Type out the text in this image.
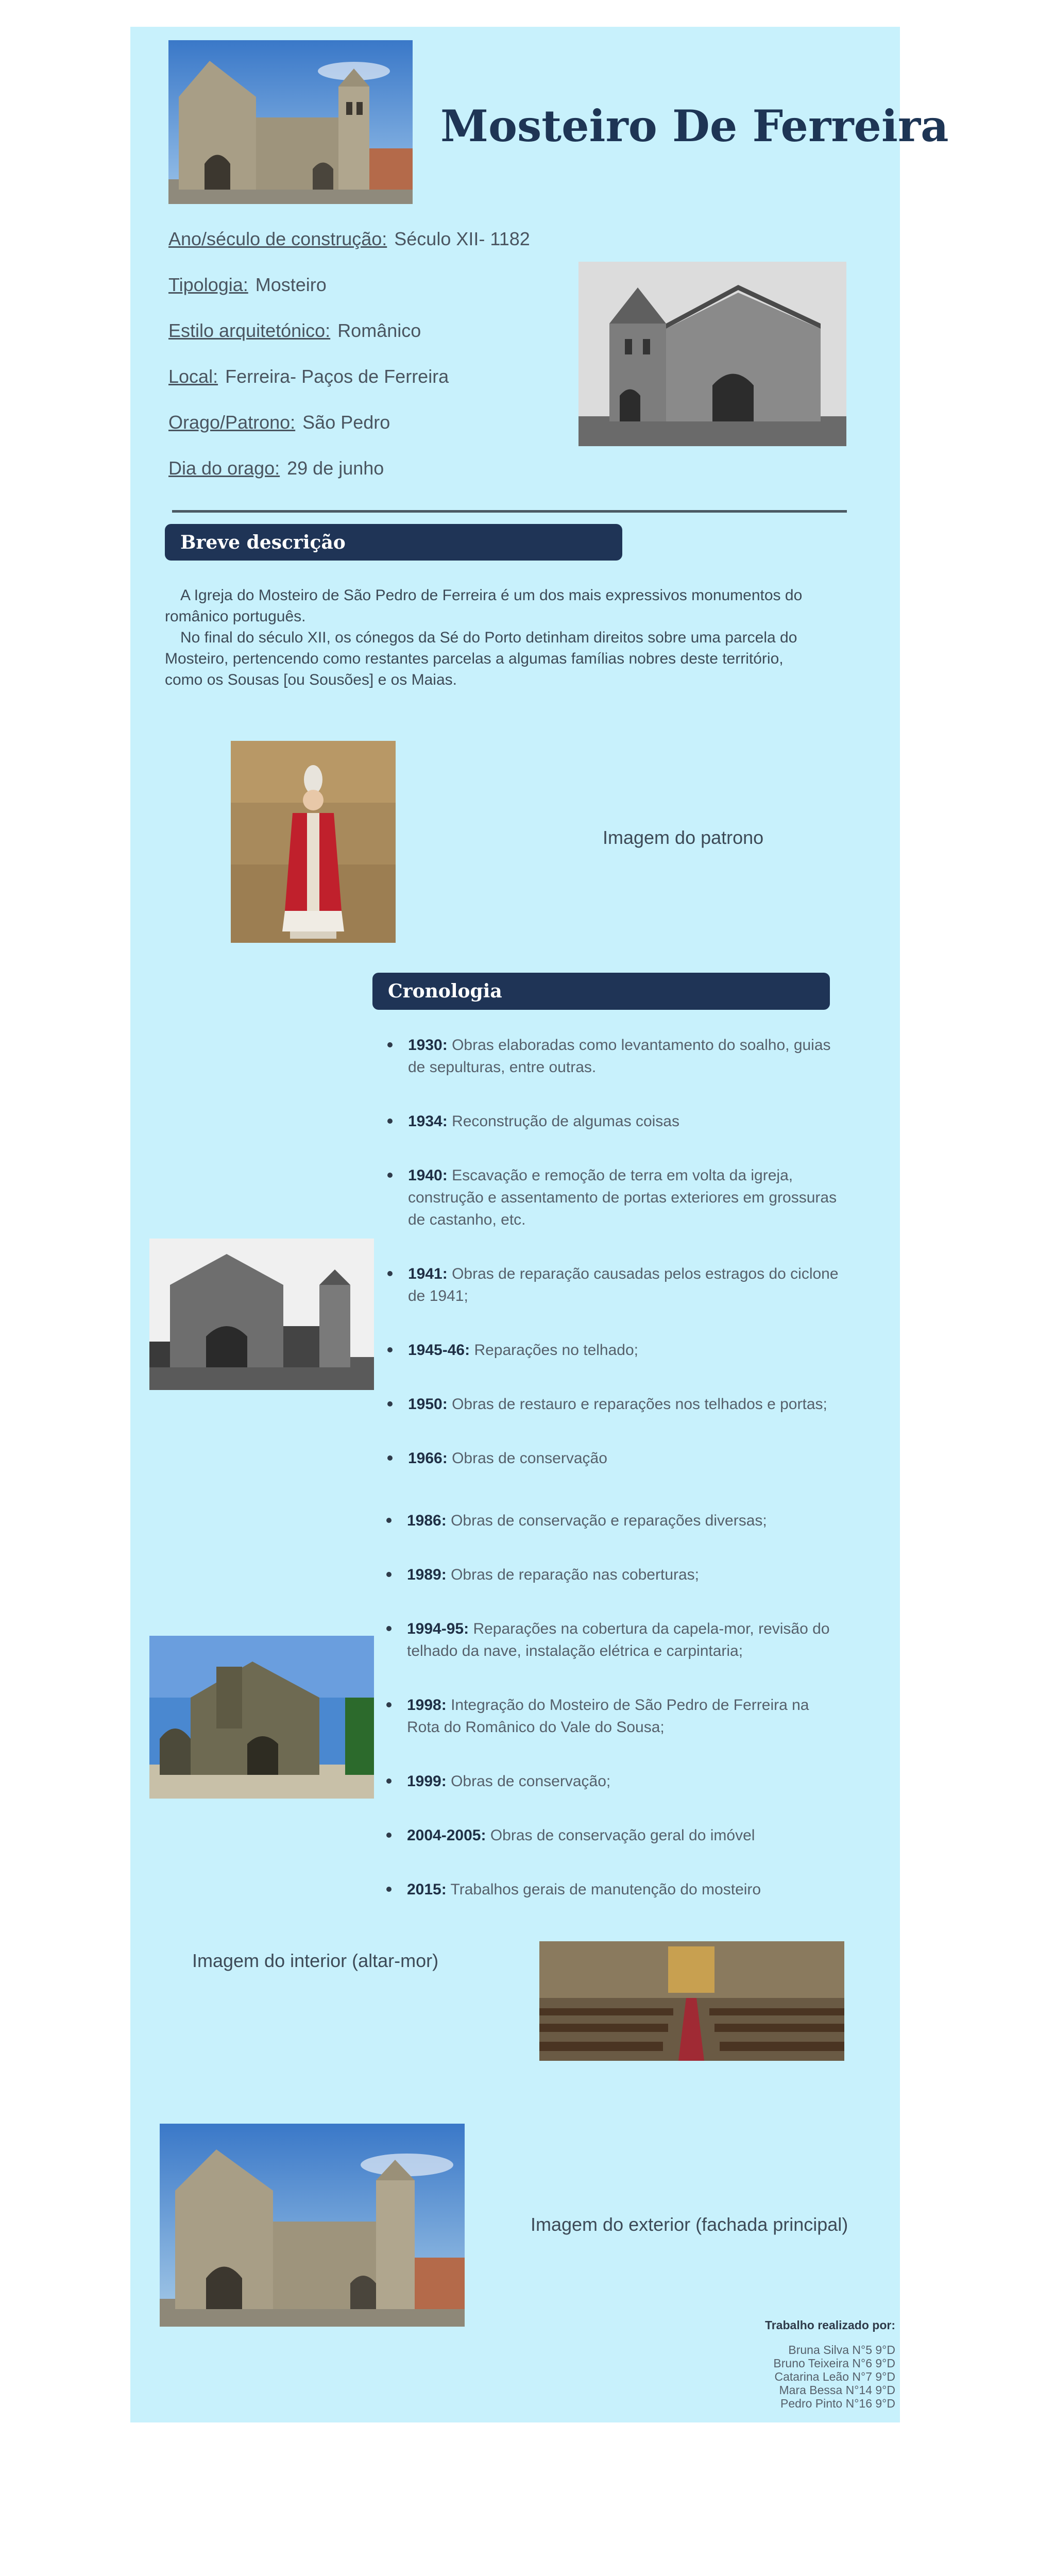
Mosteiro De Ferreira
Ano/século de construção: Século XII- 1182
Tipologia: Mosteiro
Estilo arquitetónico: Românico
Local: Ferreira- Paços de Ferreira
Orago/Patrono: São Pedro
Dia do orago: 29 de junho
Breve descrição

A Igreja do Mosteiro de São Pedro de Ferreira é um dos mais expressivos monumentos do românico português.

No final do século XII, os cónegos da Sé do Porto detinham direitos sobre uma parcela do Mosteiro, pertencendo como restantes parcelas a algumas famílias nobres deste território, como os Sousas [ou Sousões] e os Maias.

Imagem do patrono
Cronologia
1930: Obras elaboradas como levantamento do soalho, guias de sepulturas, entre outras.
1934: Reconstrução de algumas coisas
1940: Escavação e remoção de terra em volta da igreja, construção e assentamento de portas exteriores em grossuras de castanho, etc.
1941: Obras de reparação causadas pelos estragos do ciclone de 1941;
1945-46: Reparações no telhado;
1950: Obras de restauro e reparações nos telhados e portas;
1966: Obras de conservação
1986: Obras de conservação e reparações diversas;
1989: Obras de reparação nas coberturas;
1994-95: Reparações na cobertura da capela-mor, revisão do telhado da nave, instalação elétrica e carpintaria;
1998: Integração do Mosteiro de São Pedro de Ferreira na Rota do Românico do Vale do Sousa;
1999: Obras de conservação;
2004-2005: Obras de conservação geral do imóvel
2015: Trabalhos gerais de manutenção do mosteiro
Imagem do interior (altar-mor)
Imagem do exterior (fachada principal)
Trabalho realizado por:
Bruna Silva N°5 9°D
Bruno Teixeira N°6 9°D
Catarina Leão N°7 9°D
Mara Bessa N°14 9°D
Pedro Pinto N°16 9°D
